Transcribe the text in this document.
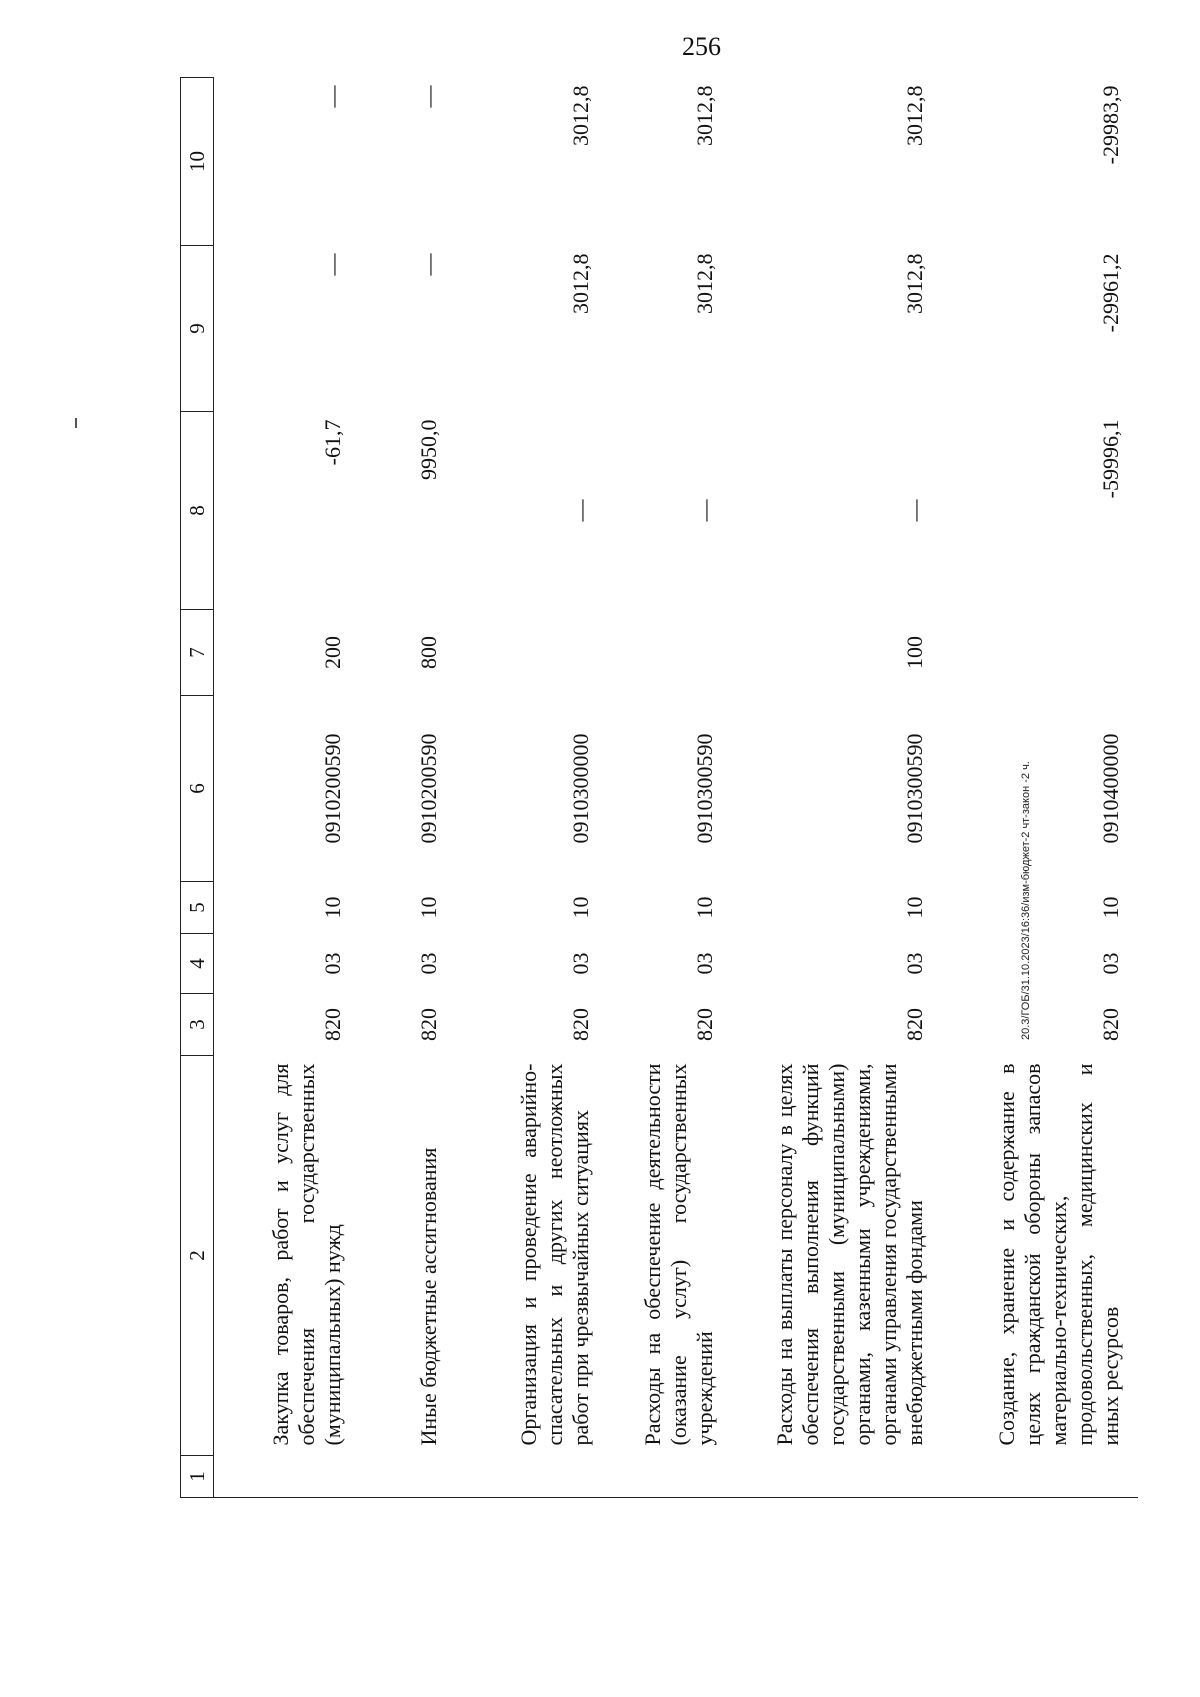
256
1	2	3	4	5	6	7	8	9	10
	Закупка товаров, работ и услуг для обеспечения государственных (муниципальных) нужд	820	03	10	0910200590	200	-61,7	—	—
	Иные бюджетные ассигнования	820	03	10	0910200590	800	9950,0	—	—
	Организация и проведение аварийно-спасательных и других неотложных работ при чрезвычайных ситуациях	820	03	10	0910300000		—	3012,8	3012,8
	Расходы на обеспечение деятельности (оказание услуг) государственных учреждений	820	03	10	0910300590		—	3012,8	3012,8
	Расходы на выплаты персоналу в целях обеспечения выполнения функций государственными (муниципальными) органами, казенными учреждениями, органами управления государственными внебюджетными фондами	820	03	10	0910300590	100	—	3012,8	3012,8
	Создание, хранение и содержание в целях гражданской обороны запасов материально-технических, продовольственных, медицинских и иных ресурсов	820	03	10	0910400000		-59996,1	-29961,2	-29983,9
20.3/ГОБ/31.10.2023/16:36/изм-бюджет-2 чт-закон -2 ч.
